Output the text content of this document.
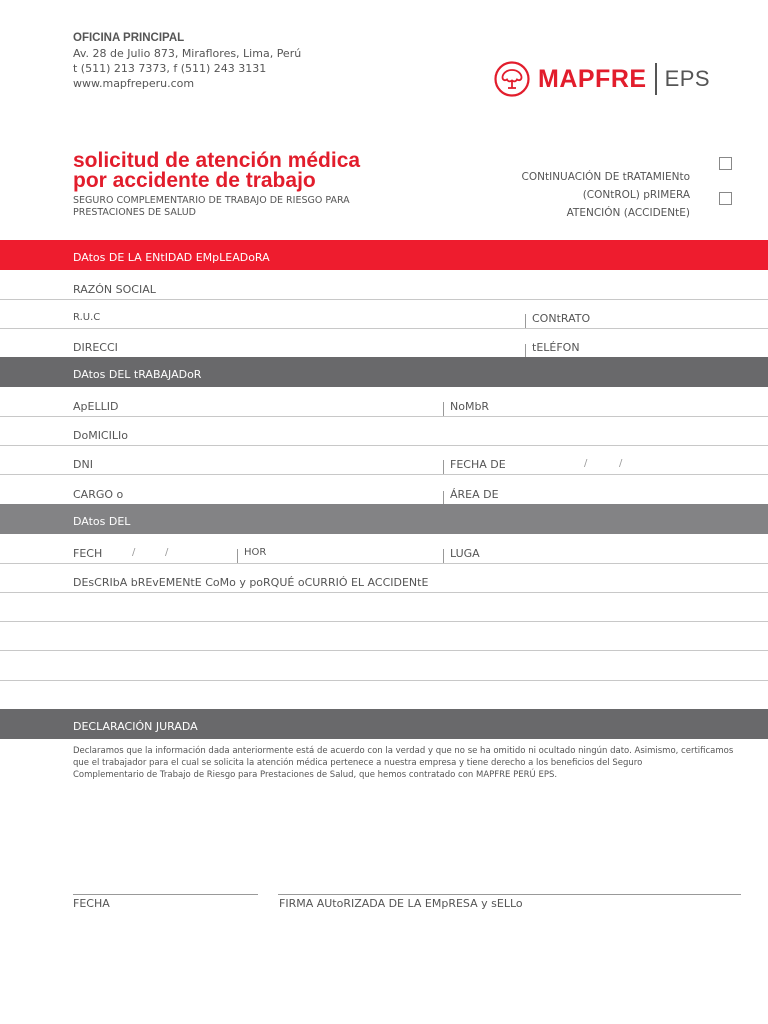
OFICINA PRINCIPAL
Av. 28 de Julio 873, Miraflores, Lima, Perú
t (511) 213 7373, f (511) 243 3131
www.mapfreperu.com	MAPFRE EPS
solicitud de atención médica
por accidente de trabajo
SEGURO COMPLEMENTARIO DE TRABAJO DE RIESGO PARA PRESTACIONES DE SALUD
CONtINUACIÓN DE tRATAMIENto
(CONtROL) pRIMERA
ATENCIÓN (ACCIDENtE)
DAtos DE LA ENtIDAD EMpLEADoRA
RAZÓN SOCIAL
R.U.C	CONtRATO
DIRECCI	tELÉFON
DAtos DEL tRABAJADoR
ApELLID	NoMbR
DoMICILIo
DNI	FECHA DE	/	/
CARGO o	ÁREA DE
DAtos DEL
FECH	/	/	HOR	LUGA
DEsCRIbA bREvEMENtE CoMo y poRQUÉ oCURRIÓ EL ACCIDENtE
DECLARACIÓN JURADA
Declaramos que la información dada anteriormente está de acuerdo con la verdad y que no se ha omitido ni ocultado ningún dato. Asimismo, certificamos
que el trabajador para el cual se solicita la atención médica pertenece a nuestra empresa y tiene derecho a los beneficios del Seguro
Complementario de Trabajo de Riesgo para Prestaciones de Salud, que hemos contratado con MAPFRE PERÚ EPS.
FECHA	FIRMA AUtoRIZADA DE LA EMpRESA y sELLo
